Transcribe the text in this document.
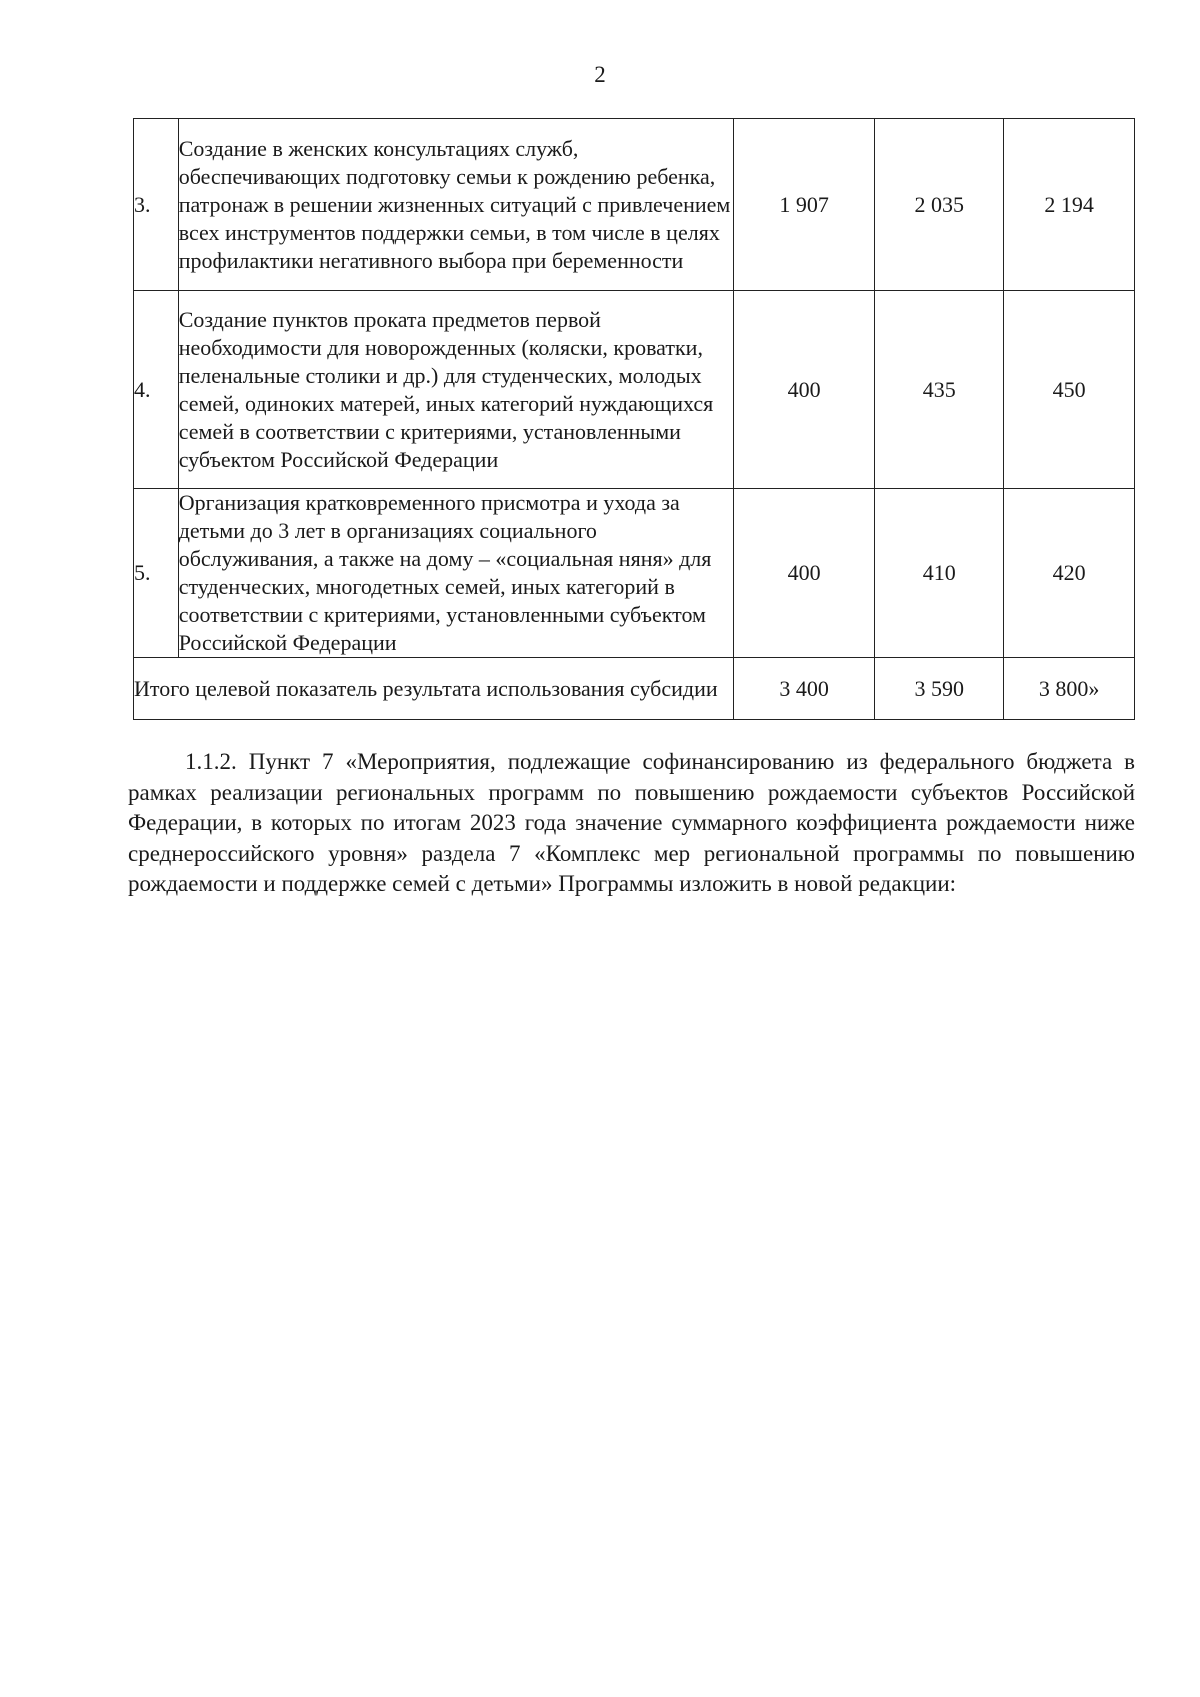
2
3.	Создание в женских консультациях служб, обеспечивающих подготовку семьи к рождению ребенка, патронаж в решении жизненных ситуаций с привлечением всех инструментов поддержки семьи, в том числе в целях профилактики негативного выбора при беременности	1 907	2 035	2 194
4.	Создание пунктов проката предметов первой необходимости для новорожденных (коляски, кроватки, пеленальные столики и др.) для студенческих, молодых семей, одиноких матерей, иных категорий нуждающихся семей в соответствии с критериями, установленными субъектом Российской Федерации	400	435	450
5.	Организация кратковременного присмотра и ухода за детьми до 3 лет в организациях социального обслуживания, а также на дому – «социальная няня» для студенческих, многодетных семей, иных категорий в соответствии с критериями, установленными субъектом Российской Федерации	400	410	420
Итого целевой показатель результата использования субсидии		3 400	3 590	3 800»

1.1.2. Пункт 7 «Мероприятия, подлежащие софинансированию из федерального бюджета в рамках реализации региональных программ по повышению рождаемости субъектов Российской Федерации, в которых по итогам 2023 года значение суммарного коэффициента рождаемости ниже среднероссийского уровня» раздела 7 «Комплекс мер региональной программы по повышению рождаемости и поддержке семей с детьми» Программы изложить в новой редакции:
